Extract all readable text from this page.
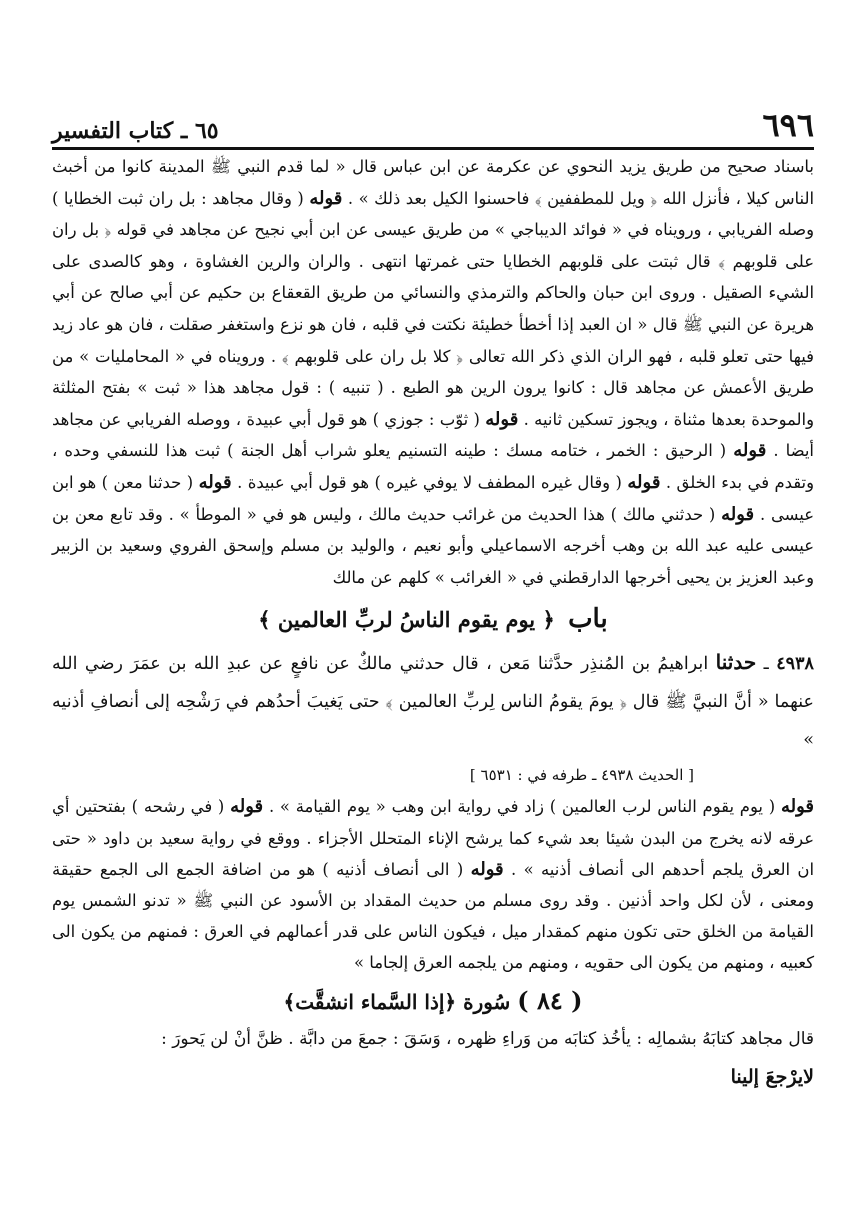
٦٩٦
٦٥ ـ كتاب التفسير
باسناد صحيح من طريق يزيد النحوي عن عكرمة عن ابن عباس قال « لما قدم النبي ﷺ المدينة كانوا من أخبث الناس كيلا ، فأنزل الله ﴿ ويل للمطففين ﴾ فاحسنوا الكيل بعد ذلك » . قوله ( وقال مجاهد : بل ران ثبت الخطايا ) وصله الفريابي ، ورويناه في « فوائد الديباجي » من طريق عيسى عن ابن أبي نجيح عن مجاهد في قوله ﴿ بل ران على قلوبهم ﴾ قال ثبتت على قلوبهم الخطايا حتى غمرتها انتهى . والران والرين الغشاوة ، وهو كالصدى على الشيء الصقيل . وروى ابن حبان والحاكم والترمذي والنسائي من طريق القعقاع بن حكيم عن أبي صالح عن أبي هريرة عن النبي ﷺ قال « ان العبد إذا أخطأ خطيئة نكتت في قلبه ، فان هو نزع واستغفر صقلت ، فان هو عاد زيد فيها حتى تعلو قلبه ، فهو الران الذي ذكر الله تعالى ﴿ كلا بل ران على قلوبهم ﴾ . ورويناه في « المحامليات » من طريق الأعمش عن مجاهد قال : كانوا يرون الرين هو الطبع . ( تنبيه ) : قول مجاهد هذا « ثبت » بفتح المثلثة والموحدة بعدها مثناة ، ويجوز تسكين ثانيه . قوله ( ثوّب : جوزي ) هو قول أبي عبيدة ، ووصله الفريابي عن مجاهد أيضا . قوله ( الرحيق : الخمر ، ختامه مسك : طينه التسنيم يعلو شراب أهل الجنة ) ثبت هذا للنسفي وحده ، وتقدم في بدء الخلق . قوله ( وقال غيره المطفف لا يوفي غيره ) هو قول أبي عبيدة . قوله ( حدثنا معن ) هو ابن عيسى . قوله ( حدثني مالك ) هذا الحديث من غرائب حديث مالك ، وليس هو في « الموطأ » . وقد تابع معن بن عيسى عليه عبد الله بن وهب أخرجه الاسماعيلي وأبو نعيم ، والوليد بن مسلم وإسحق الفروي وسعيد بن الزبير وعبد العزيز بن يحيى أخرجها الدارقطني في « الغرائب » كلهم عن مالك
باب ﴿ يوم يقوم الناسُ لربِّ العالمين ﴾
٤٩٣٨ ـ حدثنا ابراهيمُ بن المُنذِر حدَّثنا مَعن ، قال حدثني مالكٌ عن نافعٍ عن عبدِ الله بن عمَرَ رضي الله عنهما « أنَّ النبيَّ ﷺ قال ﴿ يومَ يقومُ الناس لِربِّ العالمين ﴾ حتى يَغيبَ أحدُهم في رَشْحِه إلى أنصافِ أذنيه »
[ الحديث ٤٩٣٨ ـ طرفه في : ٦٥٣١ ]
قوله ( يوم يقوم الناس لرب العالمين ) زاد في رواية ابن وهب « يوم القيامة » . قوله ( في رشحه ) بفتحتين أي عرقه لانه يخرج من البدن شيئا بعد شيء كما يرشح الإناء المتحلل الأجزاء . ووقع في رواية سعيد بن داود « حتى ان العرق يلجم أحدهم الى أنصاف أذنيه » . قوله ( الى أنصاف أذنيه ) هو من اضافة الجمع الى الجمع حقيقة ومعنى ، لأن لكل واحد أذنين . وقد روى مسلم من حديث المقداد بن الأسود عن النبي ﷺ « تدنو الشمس يوم القيامة من الخلق حتى تكون منهم كمقدار ميل ، فيكون الناس على قدر أعمالهم في العرق : فمنهم من يكون الى كعبيه ، ومنهم من يكون الى حقويه ، ومنهم من يلجمه العرق إلجاما »
( ٨٤ ) سُورة ﴿إذا السَّماء انشقَّت﴾
قال مجاهد كتابَهُ بشمالِه : يأخُذ كتابَه من وَراءِ ظهره ، وَسَقَ : جمعَ من دابَّة . ظنَّ أنْ لن يَحورَ :
لايرْجعَ إلينا
